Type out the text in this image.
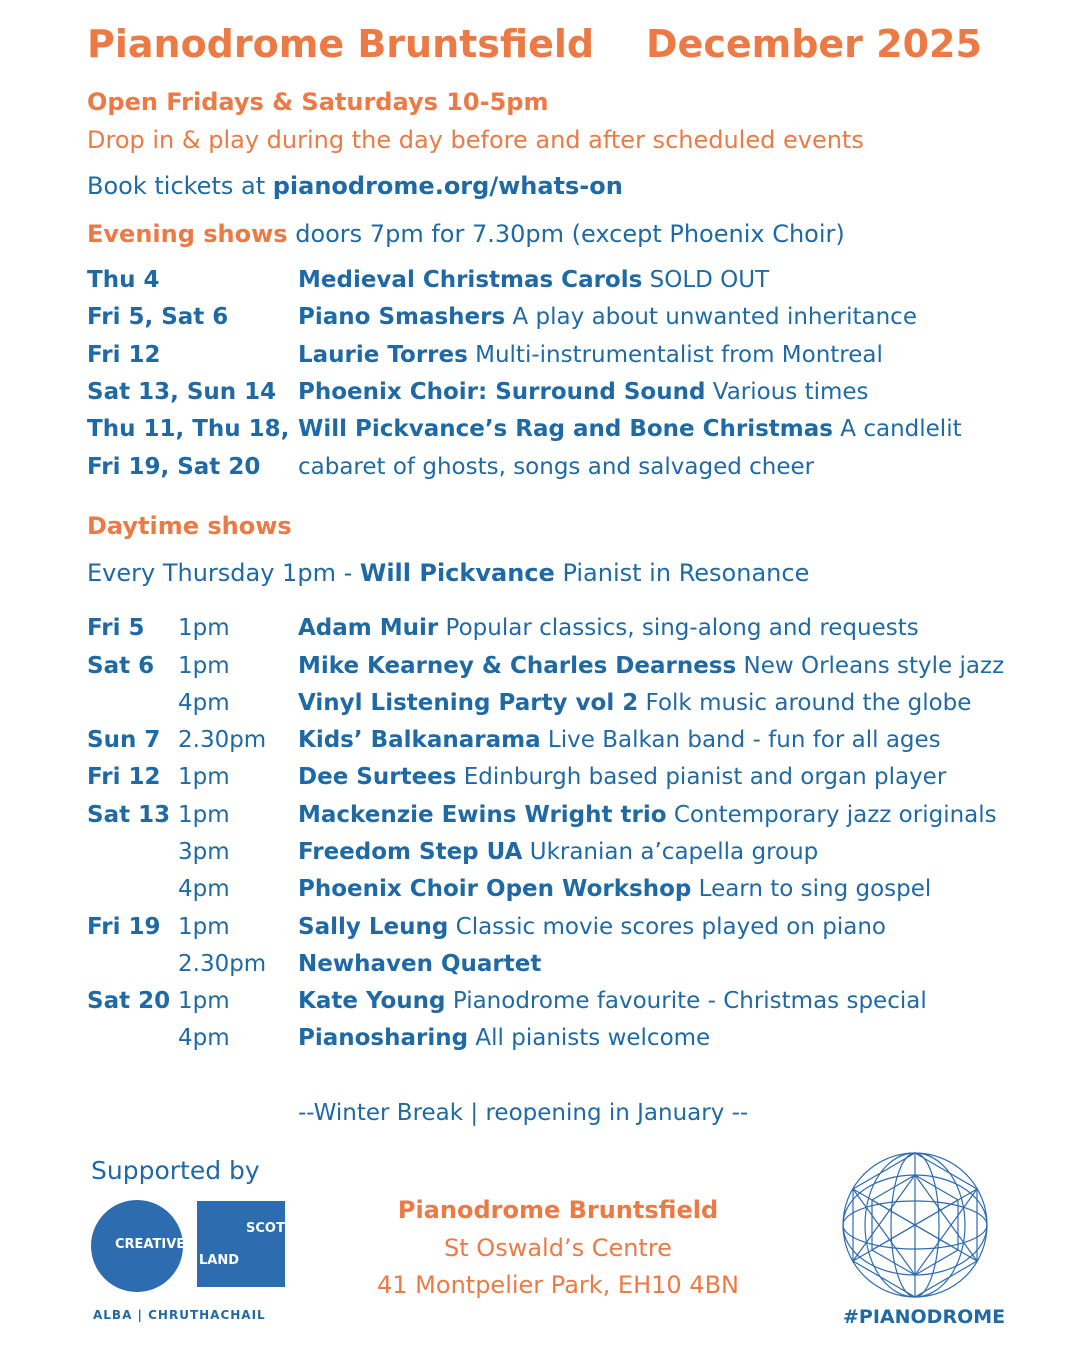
Pianodrome Bruntsfield December 2025
Open Fridays & Saturdays 10-5pm
Drop in & play during the day before and after scheduled events
Book tickets at pianodrome.org/whats-on
Evening shows doors 7pm for 7.30pm (except Phoenix Choir)
Thu 4	Medieval Christmas Carols SOLD OUT
Fri 5, Sat 6	Piano Smashers A play about unwanted inheritance
Fri 12	Laurie Torres Multi-instrumentalist from Montreal
Sat 13, Sun 14 Phoenix Choir: Surround Sound Various times
Thu 11, Thu 18, Will Pickvance’s Rag and Bone Christmas A candlelit
Fri 19, Sat 20 cabaret of ghosts, songs and salvaged cheer
Daytime shows
Every Thursday 1pm - Will Pickvance Pianist in Resonance
Fri 5 1pm	Adam Muir Popular classics, sing-along and requests
Sat 6 1pm	Mike Kearney & Charles Dearness New Orleans style jazz
4pm	Vinyl Listening Party vol 2 Folk music around the globe
Sun 7 2.30pm Kids’ Balkanarama Live Balkan band - fun for all ages
Fri 12 1pm	Dee Surtees Edinburgh based pianist and organ player
Sat 13 1pm	Mackenzie Ewins Wright trio Contemporary jazz originals
3pm	Freedom Step UA Ukranian a’capella group
4pm	Phoenix Choir Open Workshop Learn to sing gospel
Fri 19 1pm	Sally Leung Classic movie scores played on piano
2.30pm Newhaven Quartet
Sat 20 1pm	Kate Young Pianodrome favourite - Christmas special
4pm	Pianosharing All pianists welcome
--Winter Break | reopening in January --
Supported by
CREATIVE
SCOT
LAND
ALBA | CHRUTHACHAIL
Pianodrome Bruntsfield
St Oswald’s Centre
41 Montpelier Park, EH10 4BN
#PIANODROME
